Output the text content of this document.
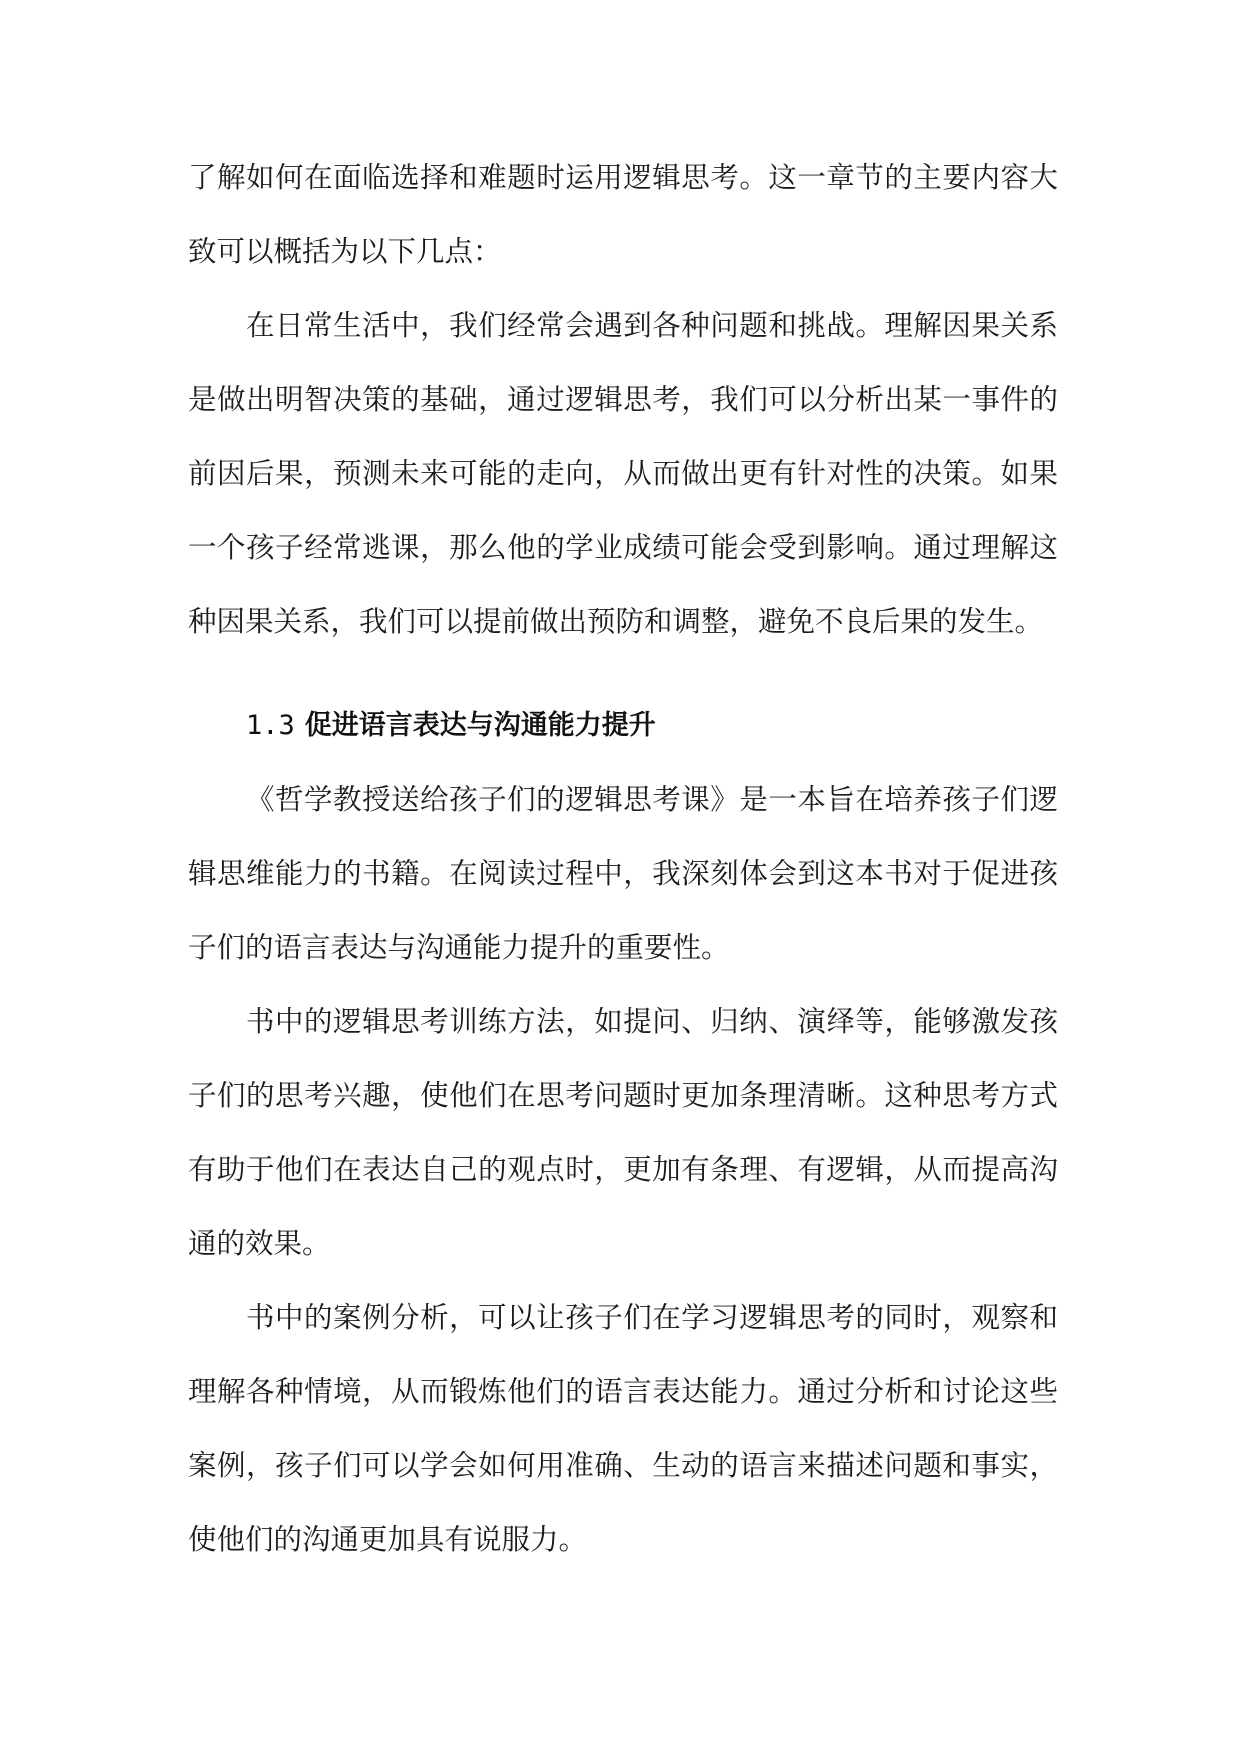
了解如何在面临选择和难题时运用逻辑思考。这一章节的主要内容大致可以概括为以下几点：

在日常生活中，我们经常会遇到各种问题和挑战。理解因果关系是做出明智决策的基础，通过逻辑思考，我们可以分析出某一事件的前因后果，预测未来可能的走向，从而做出更有针对性的决策。如果一个孩子经常逃课，那么他的学业成绩可能会受到影响。通过理解这种因果关系，我们可以提前做出预防和调整，避免不良后果的发生。

1.3 促进语言表达与沟通能力提升

《哲学教授送给孩子们的逻辑思考课》是一本旨在培养孩子们逻辑思维能力的书籍。在阅读过程中，我深刻体会到这本书对于促进孩子们的语言表达与沟通能力提升的重要性。

书中的逻辑思考训练方法，如提问、归纳、演绎等，能够激发孩子们的思考兴趣，使他们在思考问题时更加条理清晰。这种思考方式有助于他们在表达自己的观点时，更加有条理、有逻辑，从而提高沟通的效果。

书中的案例分析，可以让孩子们在学习逻辑思考的同时，观察和理解各种情境，从而锻炼他们的语言表达能力。通过分析和讨论这些案例，孩子们可以学会如何用准确、生动的语言来描述问题和事实，使他们的沟通更加具有说服力。
